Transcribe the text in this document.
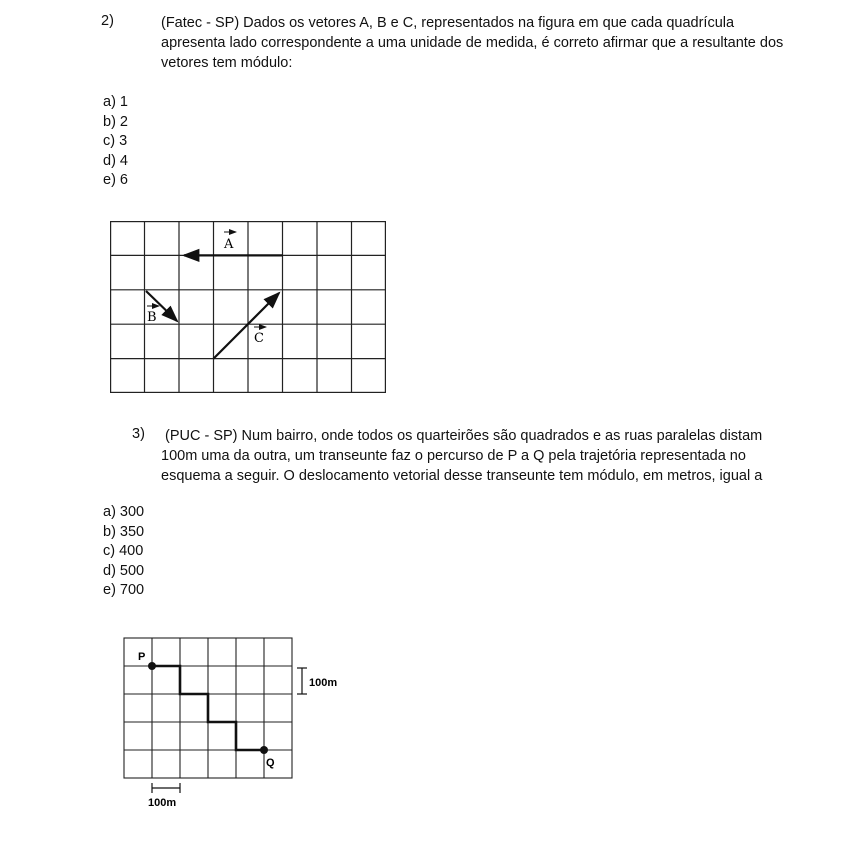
2)	(Fatec - SP) Dados os vetores A, B e C, representados na figura em que cada quadrícula apresenta lado correspondente a uma unidade de medida, é correto afirmar que a resultante dos vetores tem módulo:
a) 1
b) 2
c) 3
d) 4
e) 6
A
B
C
3) (PUC - SP) Num bairro, onde todos os quarteirões são quadrados e as ruas paralelas distam 100m uma da outra, um transeunte faz o percurso de P a Q pela trajetória representada no esquema a seguir. O deslocamento vetorial desse transeunte tem módulo, em metros, igual a
a) 300
b) 350
c) 400
d) 500
e) 700
P
Q
100m
100m
